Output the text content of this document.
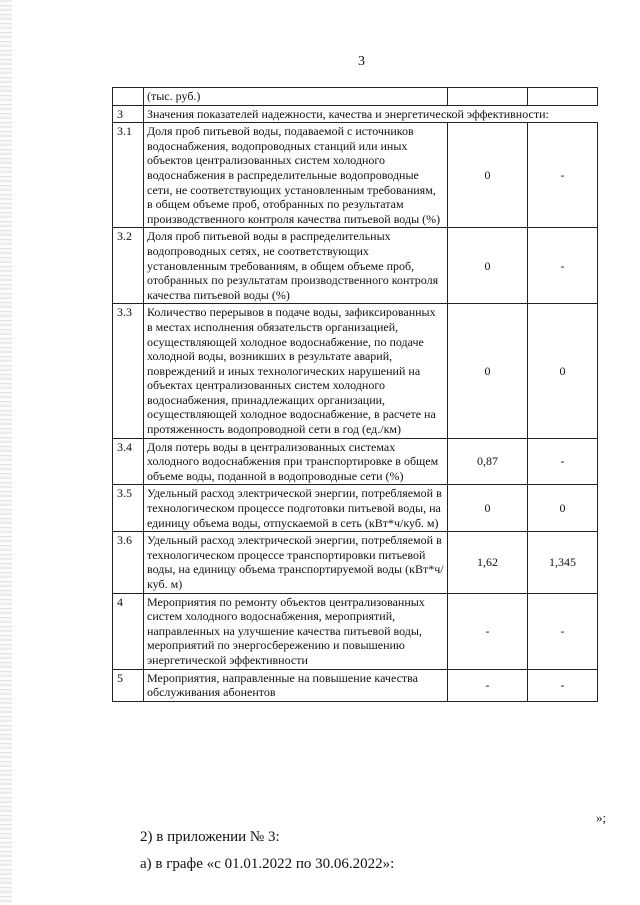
3
	(тыс. руб.)		
3	Значения показателей надежности, качества и энергетической эффективности:		
3.1	Доля проб питьевой воды, подаваемой с источников водоснабжения, водопроводных станций или иных объектов централизованных систем холодного водоснабжения в распределительные водопроводные сети, не соответствующих установленным требованиям, в общем объеме проб, отобранных по результатам производственного контроля качества питьевой воды (%)	0	-
3.2	Доля проб питьевой воды в распределительных водопроводных сетях, не соответствующих установленным требованиям, в общем объеме проб, отобранных по результатам производственного контроля качества питьевой воды (%)	0	-
3.3	Количество перерывов в подаче воды, зафиксированных в местах исполнения обязательств организацией, осуществляющей холодное водоснабжение, по подаче холодной воды, возникших в результате аварий, повреждений и иных технологических нарушений на объектах централизованных систем холодного водоснабжения, принадлежащих организации, осуществляющей холодное водоснабжение, в расчете на протяженность водопроводной сети в год (ед./км)	0	0
3.4	Доля потерь воды в централизованных системах холодного водоснабжения при транспортировке в общем объеме воды, поданной в водопроводные сети (%)	0,87	-
3.5	Удельный расход электрической энергии, потребляемой в технологическом процессе подготовки питьевой воды, на единицу объема воды, отпускаемой в сеть (кВт*ч/куб. м)	0	0
3.6	Удельный расход электрической энергии, потребляемой в технологическом процессе транспортировки питьевой воды, на единицу объема транспортируемой воды (кВт*ч/куб. м)	1,62	1,345
4	Мероприятия по ремонту объектов централизованных систем холодного водоснабжения, мероприятий, направленных на улучшение качества питьевой воды, мероприятий по энергосбережению и повышению энергетической эффективности	-	-
5	Мероприятия, направленные на повышение качества обслуживания абонентов	-	-
»;
2) в приложении № 3:
а) в графе «с 01.01.2022 по 30.06.2022»:
